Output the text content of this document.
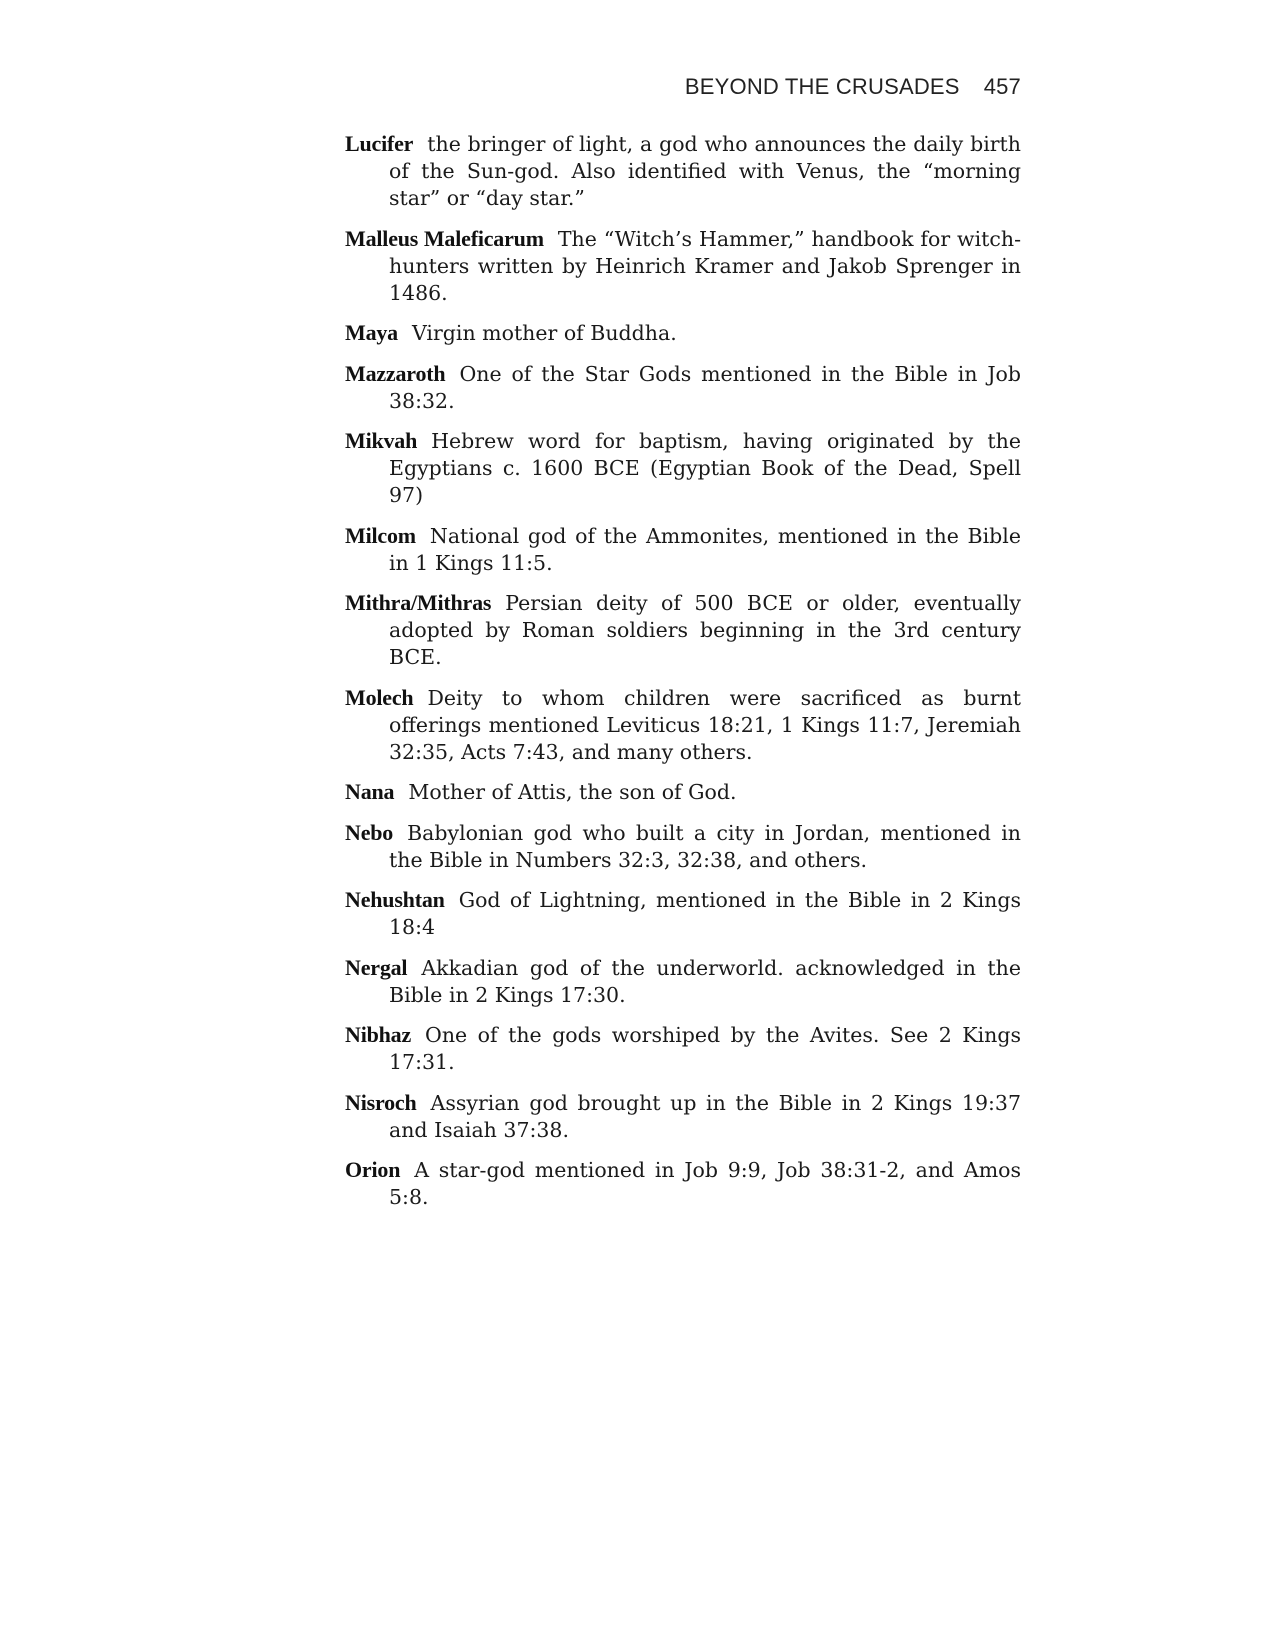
BEYOND THE CRUSADES 457

Lucifer the bringer of light, a god who announces the daily birth of the Sun-god. Also identified with Venus, the “morning star” or “day star.”

Malleus Maleficarum The “Witch’s Hammer,” handbook for witch-hunters written by Heinrich Kramer and Jakob Sprenger in 1486.

Maya Virgin mother of Buddha.

Mazzaroth One of the Star Gods mentioned in the Bible in Job 38:32.

Mikvah Hebrew word for baptism, having originated by the Egyptians c. 1600 BCE (Egyptian Book of the Dead, Spell 97)

Milcom National god of the Ammonites, mentioned in the Bible in 1 Kings 11:5.

Mithra/Mithras Persian deity of 500 BCE or older, eventually adopted by Roman soldiers beginning in the 3rd century BCE.

Molech Deity to whom children were sacrificed as burnt offerings mentioned Leviticus 18:21, 1 Kings 11:7, Jeremiah 32:35, Acts 7:43, and many others.

Nana Mother of Attis, the son of God.

Nebo Babylonian god who built a city in Jordan, mentioned in the Bible in Numbers 32:3, 32:38, and others.

Nehushtan God of Lightning, mentioned in the Bible in 2 Kings 18:4

Nergal Akkadian god of the underworld. acknowledged in the Bible in 2 Kings 17:30.

Nibhaz One of the gods worshiped by the Avites. See 2 Kings 17:31.

Nisroch Assyrian god brought up in the Bible in 2 Kings 19:37 and Isaiah 37:38.

Orion A star-god mentioned in Job 9:9, Job 38:31-2, and Amos 5:8.
